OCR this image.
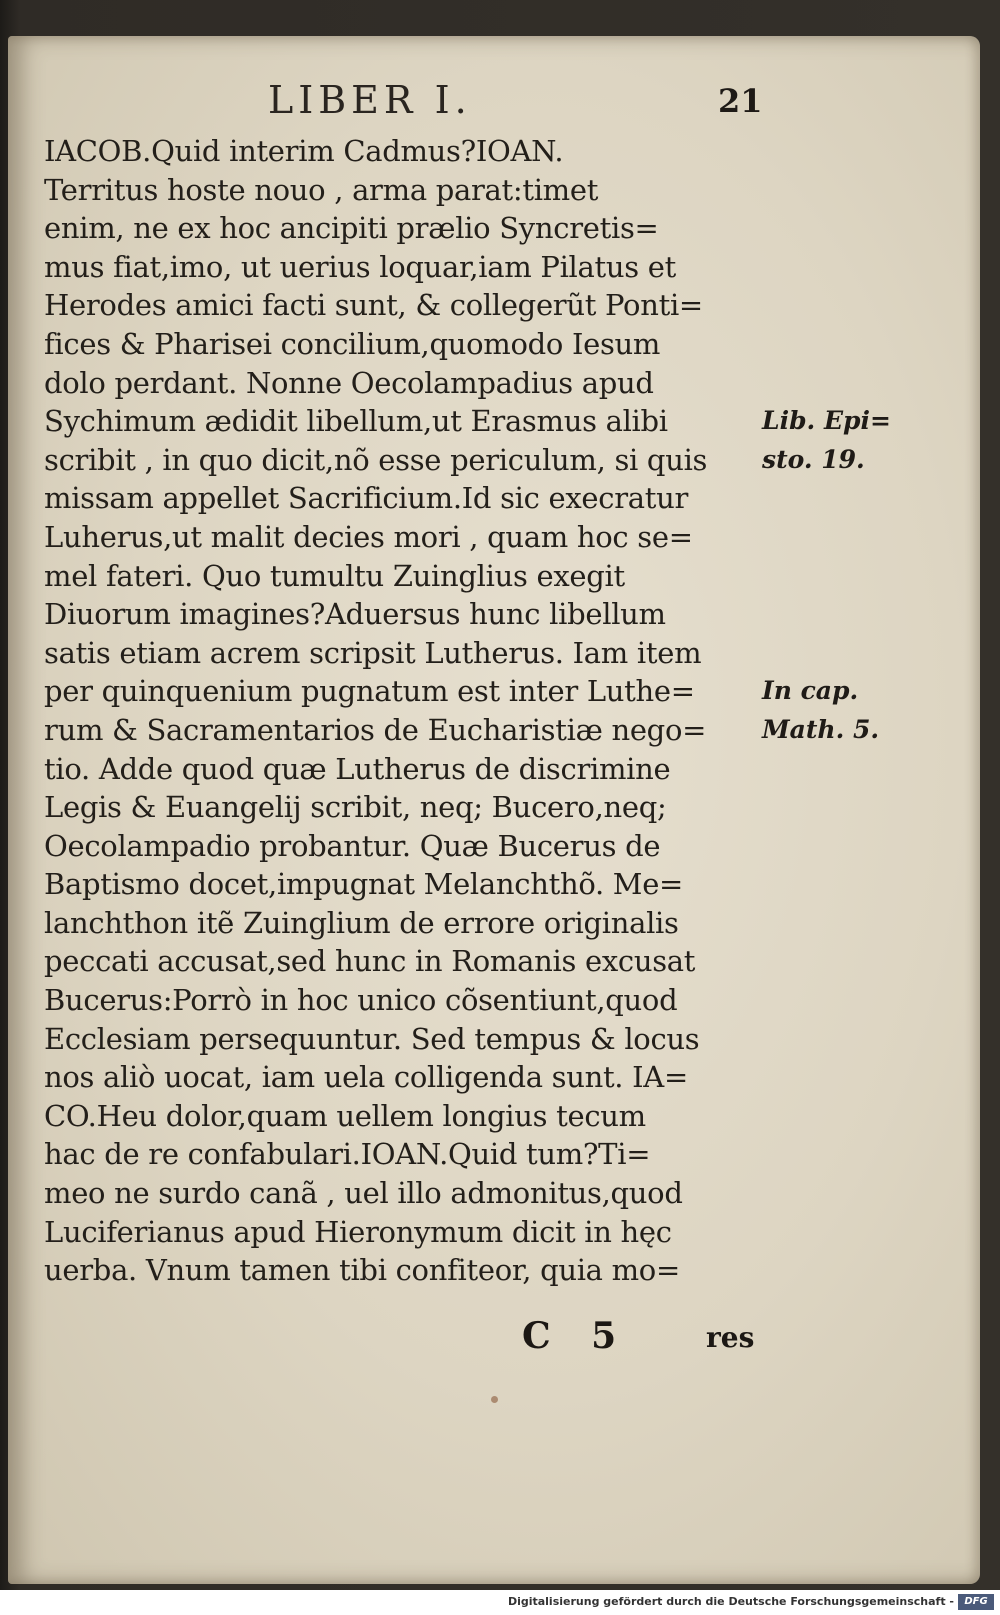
LIBER I.	21
IACOB.Quid interim Cadmus?IOAN.
Territus hoste nouo , arma parat:timet
enim, ne ex hoc ancipiti prælio Syncretis=
mus fiat,imo, ut uerius loquar,iam Pilatus et
Herodes amici facti sunt, & collegerũt Ponti=
fices & Pharisei concilium,quomodo Iesum
dolo perdant. Nonne Oecolampadius apud
Sychimum ædidit libellum,ut Erasmus alibi
scribit , in quo dicit,nõ esse periculum, si quis
missam appellet Sacrificium.Id sic execratur
Luherus,ut malit decies mori , quam hoc se=
mel fateri. Quo tumultu Zuinglius exegit
Diuorum imagines?Aduersus hunc libellum
satis etiam acrem scripsit Lutherus. Iam item
per quinquenium pugnatum est inter Luthe=
rum & Sacramentarios de Eucharistiæ nego=
tio. Adde quod quæ Lutherus de discrimine
Legis & Euangelij scribit, neq; Bucero,neq;
Oecolampadio probantur. Quæ Bucerus de
Baptismo docet,impugnat Melanchthõ. Me=
lanchthon itẽ Zuinglium de errore originalis
peccati accusat,sed hunc in Romanis excusat
Bucerus:Porrò in hoc unico cõsentiunt,quod
Ecclesiam persequuntur. Sed tempus & locus
nos aliò uocat, iam uela colligenda sunt. IA=
CO.Heu dolor,quam uellem longius tecum
hac de re confabulari.IOAN.Quid tum?Ti=
meo ne surdo canã , uel illo admonitus,quod
Luciferianus apud Hieronymum dicit in hęc
uerba. Vnum tamen tibi confiteor, quia mo=
Lib. Epi=
sto. 19.
In cap.
Math. 5.
C 5	res
Digitalisierung gefördert durch die Deutsche Forschungsgemeinschaft -	DFG
